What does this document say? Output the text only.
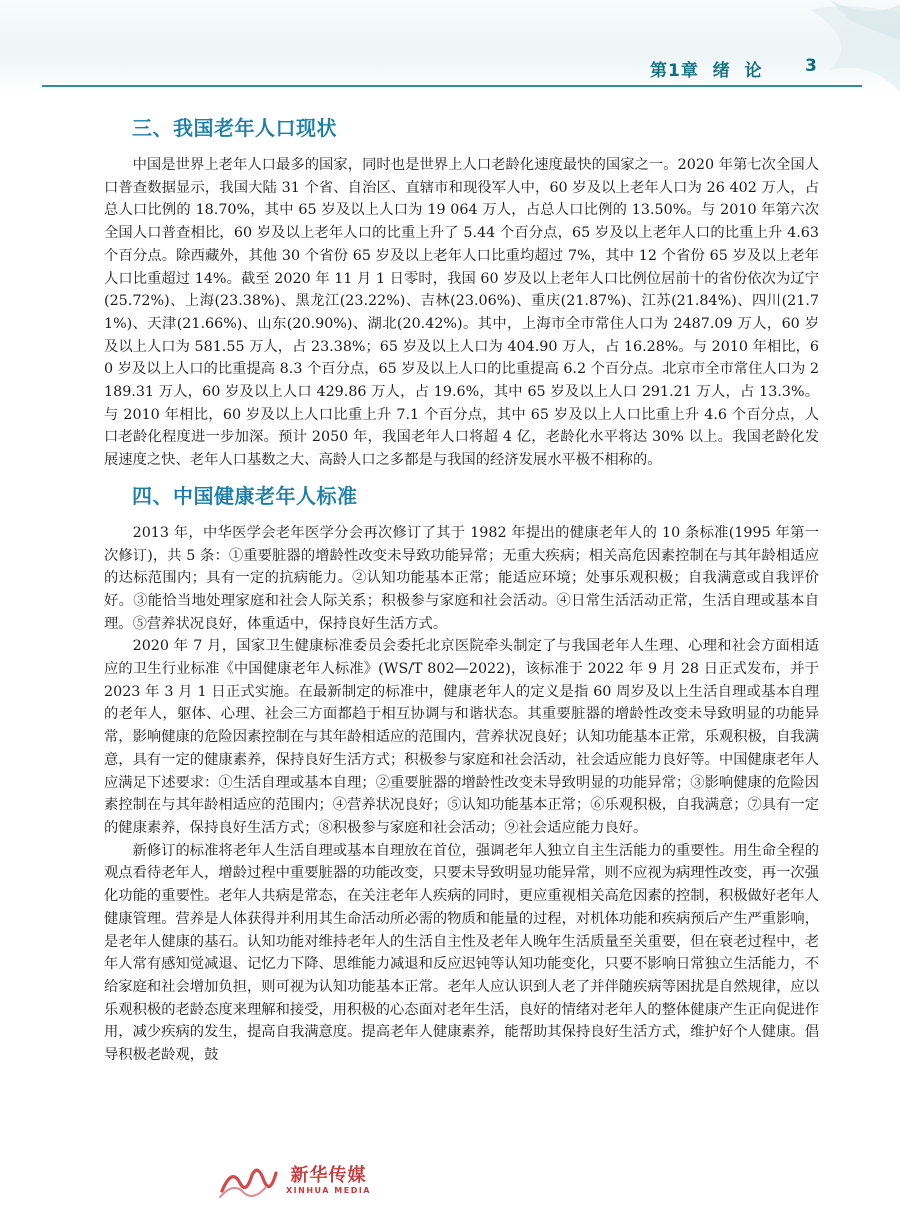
第1章  绪  论 3
三、我国老年人口现状

中国是世界上老年人口最多的国家，同时也是世界上人口老龄化速度最快的国家之一。2020 年第七次全国人口普查数据显示，我国大陆 31 个省、自治区、直辖市和现役军人中，60 岁及以上老年人口为 26 402 万人，占总人口比例的 18.70%，其中 65 岁及以上人口为 19 064 万人，占总人口比例的 13.50%。与 2010 年第六次全国人口普查相比，60 岁及以上老年人口的比重上升了 5.44 个百分点，65 岁及以上老年人口的比重上升 4.63 个百分点。除西藏外，其他 30 个省份 65 岁及以上老年人口比重均超过 7%，其中 12 个省份 65 岁及以上老年人口比重超过 14%。截至 2020 年 11 月 1 日零时，我国 60 岁及以上老年人口比例位居前十的省份依次为辽宁(25.72%)、上海(23.38%)、黑龙江(23.22%)、吉林(23.06%)、重庆(21.87%)、江苏(21.84%)、四川(21.71%)、天津(21.66%)、山东(20.90%)、湖北(20.42%)。其中，上海市全市常住人口为 2487.09 万人，60 岁及以上人口为 581.55 万人，占 23.38%；65 岁及以上人口为 404.90 万人，占 16.28%。与 2010 年相比，60 岁及以上人口的比重提高 8.3 个百分点，65 岁及以上人口的比重提高 6.2 个百分点。北京市全市常住人口为 2189.31 万人，60 岁及以上人口 429.86 万人，占 19.6%，其中 65 岁及以上人口 291.21 万人，占 13.3%。与 2010 年相比，60 岁及以上人口比重上升 7.1 个百分点，其中 65 岁及以上人口比重上升 4.6 个百分点，人口老龄化程度进一步加深。预计 2050 年，我国老年人口将超 4 亿，老龄化水平将达 30% 以上。我国老龄化发展速度之快、老年人口基数之大、高龄人口之多都是与我国的经济发展水平极不相称的。

四、中国健康老年人标准

2013 年，中华医学会老年医学分会再次修订了其于 1982 年提出的健康老年人的 10 条标准(1995 年第一次修订)，共 5 条：①重要脏器的增龄性改变未导致功能异常；无重大疾病；相关高危因素控制在与其年龄相适应的达标范围内；具有一定的抗病能力。②认知功能基本正常；能适应环境；处事乐观积极；自我满意或自我评价好。③能恰当地处理家庭和社会人际关系；积极参与家庭和社会活动。④日常生活活动正常，生活自理或基本自理。⑤营养状况良好，体重适中，保持良好生活方式。

2020 年 7 月，国家卫生健康标准委员会委托北京医院牵头制定了与我国老年人生理、心理和社会方面相适应的卫生行业标准《中国健康老年人标准》(WS/T 802—2022)，该标准于 2022 年 9 月 28 日正式发布，并于 2023 年 3 月 1 日正式实施。在最新制定的标准中，健康老年人的定义是指 60 周岁及以上生活自理或基本自理的老年人，躯体、心理、社会三方面都趋于相互协调与和谐状态。其重要脏器的增龄性改变未导致明显的功能异常，影响健康的危险因素控制在与其年龄相适应的范围内，营养状况良好；认知功能基本正常，乐观积极，自我满意，具有一定的健康素养，保持良好生活方式；积极参与家庭和社会活动，社会适应能力良好等。中国健康老年人应满足下述要求：①生活自理或基本自理；②重要脏器的增龄性改变未导致明显的功能异常；③影响健康的危险因素控制在与其年龄相适应的范围内；④营养状况良好；⑤认知功能基本正常；⑥乐观积极，自我满意；⑦具有一定的健康素养，保持良好生活方式；⑧积极参与家庭和社会活动；⑨社会适应能力良好。

新修订的标准将老年人生活自理或基本自理放在首位，强调老年人独立自主生活能力的重要性。用生命全程的观点看待老年人，增龄过程中重要脏器的功能改变，只要未导致明显功能异常，则不应视为病理性改变，再一次强化功能的重要性。老年人共病是常态，在关注老年人疾病的同时，更应重视相关高危因素的控制，积极做好老年人健康管理。营养是人体获得并利用其生命活动所必需的物质和能量的过程，对机体功能和疾病预后产生严重影响，是老年人健康的基石。认知功能对维持老年人的生活自主性及老年人晚年生活质量至关重要，但在衰老过程中，老年人常有感知觉减退、记忆力下降、思维能力减退和反应迟钝等认知功能变化，只要不影响日常独立生活能力，不给家庭和社会增加负担，则可视为认知功能基本正常。老年人应认识到人老了并伴随疾病等困扰是自然规律，应以乐观积极的老龄态度来理解和接受，用积极的心态面对老年生活，良好的情绪对老年人的整体健康产生正向促进作用，减少疾病的发生，提高自我满意度。提高老年人健康素养，能帮助其保持良好生活方式，维护好个人健康。倡导积极老龄观，鼓

新华传媒
XINHUA MEDIA
